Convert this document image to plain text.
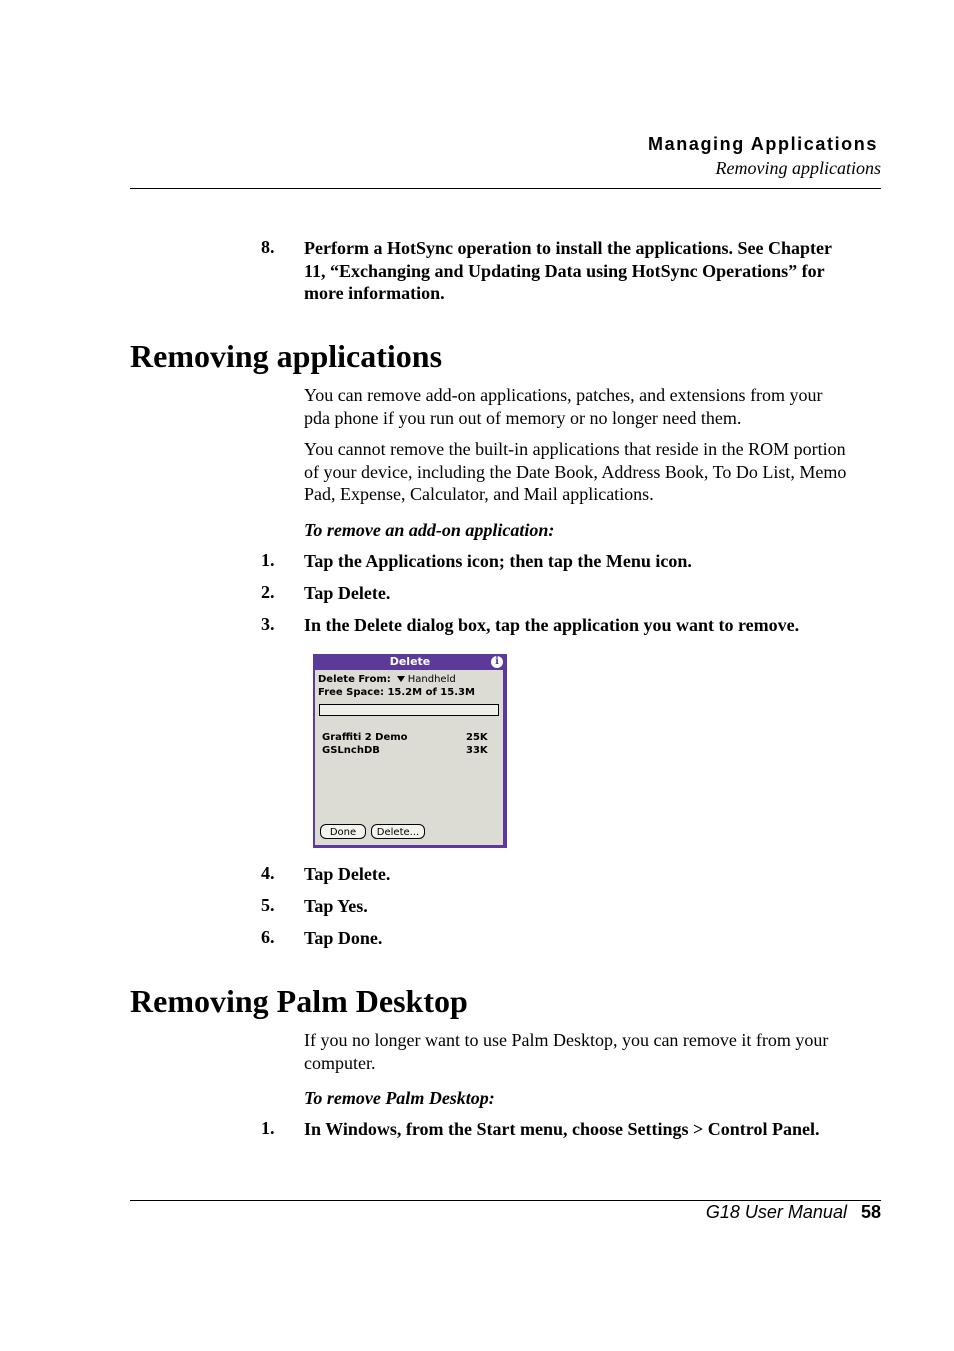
Managing Applications
Removing applications
8. Perform a HotSync operation to install the applications. See Chapter
11, “Exchanging and Updating Data using HotSync Operations” for
more information.
Removing applications
You can remove add-on applications, patches, and extensions from your
pda phone if you run out of memory or no longer need them.
You cannot remove the built-in applications that reside in the ROM portion
of your device, including the Date Book, Address Book, To Do List, Memo
Pad, Expense, Calculator, and Mail applications.
To remove an add-on application:
1. Tap the Applications icon; then tap the Menu icon.
2. Tap Delete.
3. In the Delete dialog box, tap the application you want to remove.
Delete	i
Delete From: Handheld
Free Space: 15.2M of 15.3M
Graffiti 2 Demo	25K
GSLnchDB	33K
Done	Delete...
4. Tap Delete.
5. Tap Yes.
6. Tap Done.
Removing Palm Desktop
If you no longer want to use Palm Desktop, you can remove it from your
computer.
To remove Palm Desktop:
1. In Windows, from the Start menu, choose Settings > Control Panel.
G18 User Manual 58
